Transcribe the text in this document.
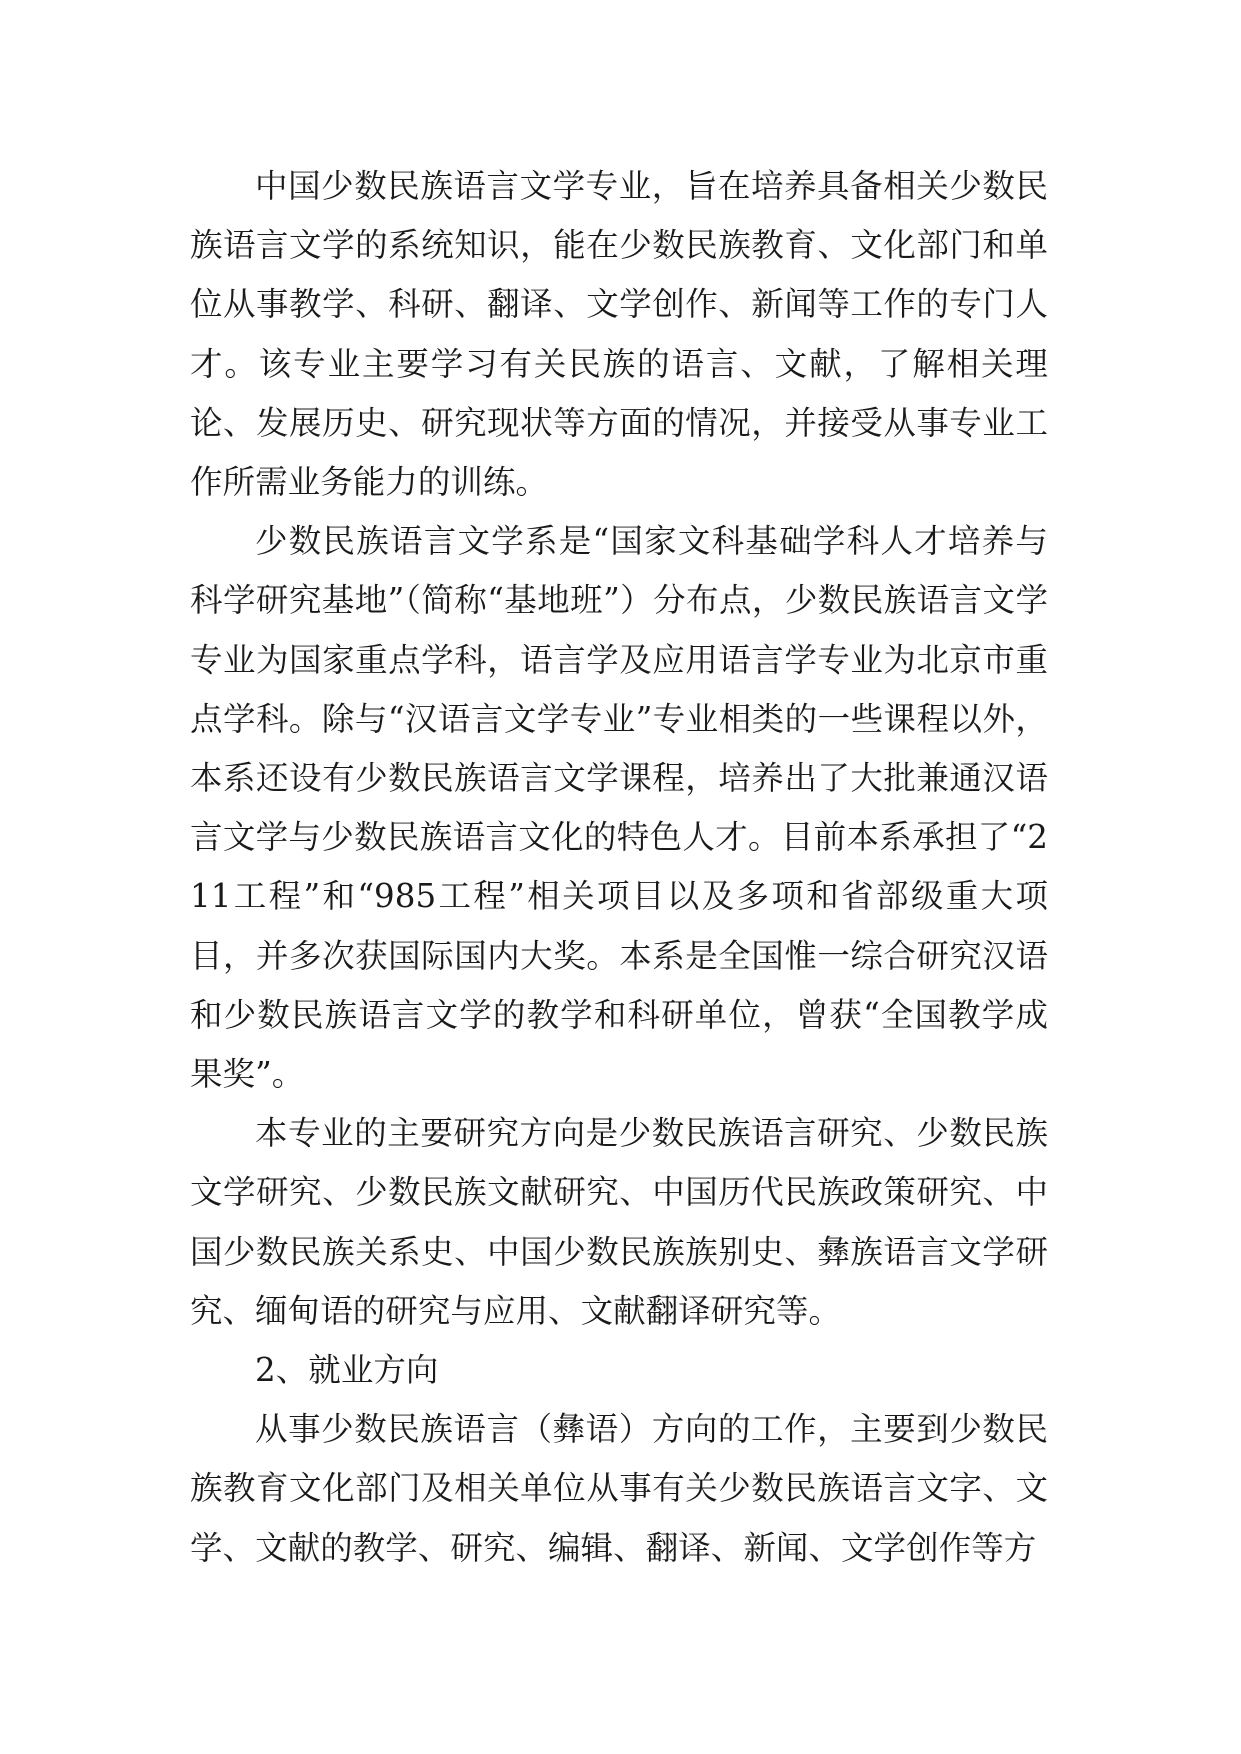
中国少数民族语言文学专业，旨在培养具备相关少数民族语言文学的系统知识，能在少数民族教育、文化部门和单位从事教学、科研、翻译、文学创作、新闻等工作的专门人才。该专业主要学习有关民族的语言、文献，了解相关理论、发展历史、研究现状等方面的情况，并接受从事专业工作所需业务能力的训练。

少数民族语言文学系是“国家文科基础学科人才培养与科学研究基地”（简称“基地班”）分布点，少数民族语言文学专业为国家重点学科，语言学及应用语言学专业为北京市重点学科。除与“汉语言文学专业”专业相类的一些课程以外，本系还设有少数民族语言文学课程，培养出了大批兼通汉语言文学与少数民族语言文化的特色人才。目前本系承担了“211工程”和“985工程”相关项目以及多项和省部级重大项目，并多次获国际国内大奖。本系是全国惟一综合研究汉语和少数民族语言文学的教学和科研单位，曾获“全国教学成果奖”。

本专业的主要研究方向是少数民族语言研究、少数民族文学研究、少数民族文献研究、中国历代民族政策研究、中国少数民族关系史、中国少数民族族别史、彝族语言文学研究、缅甸语的研究与应用、文献翻译研究等。

2、就业方向

从事少数民族语言（彝语）方向的工作，主要到少数民族教育文化部门及相关单位从事有关少数民族语言文字、文学、文献的教学、研究、编辑、翻译、新闻、文学创作等方
